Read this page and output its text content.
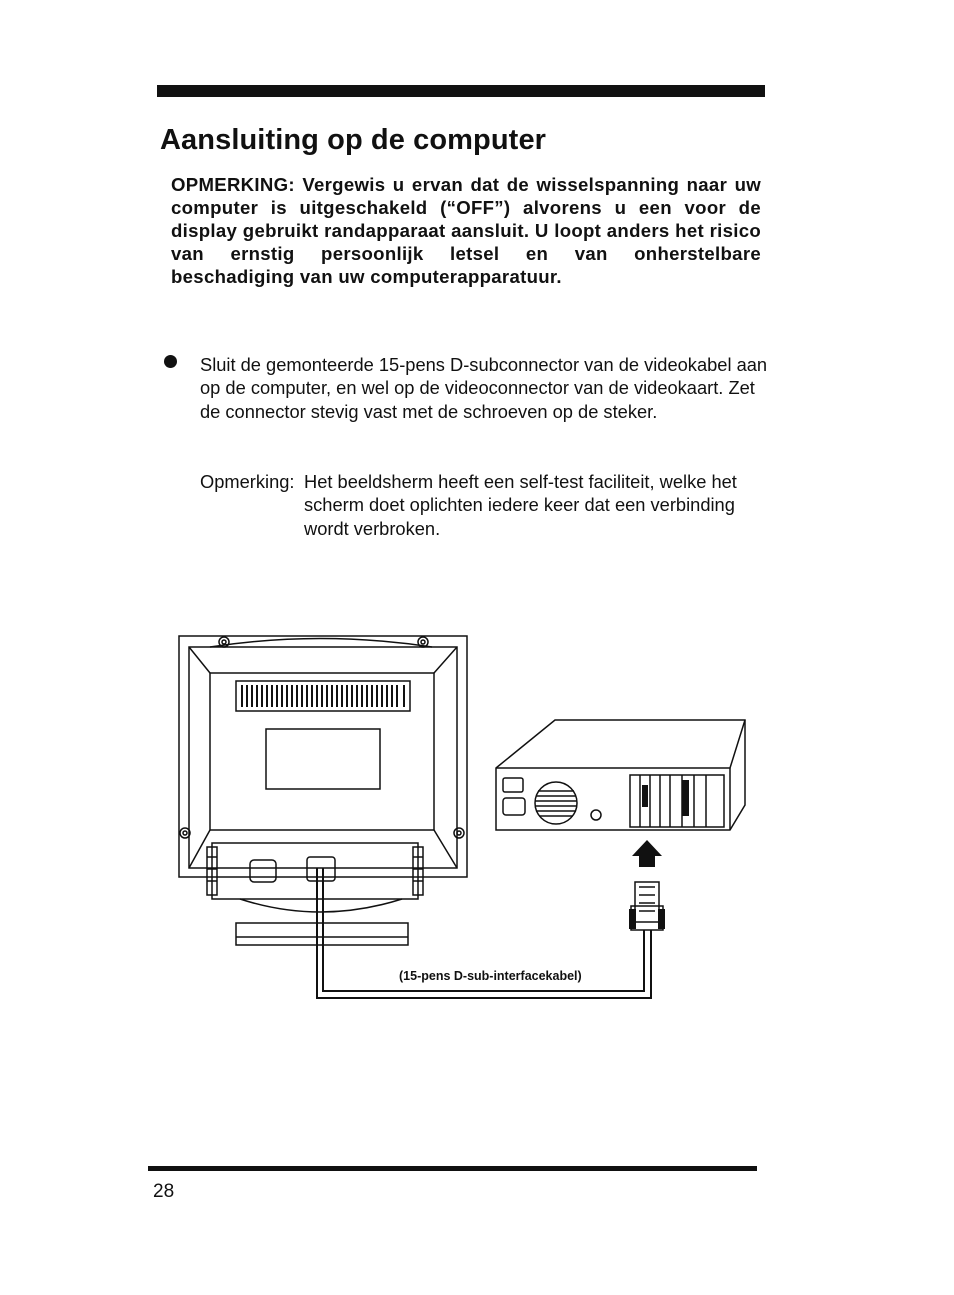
Aansluiting op de computer

OPMERKING: Vergewis u ervan dat de wisselspanning naar uw computer is uitgeschakeld (“OFF”) alvorens u een voor de display gebruikt randapparaat aansluit. U loopt anders het risico van ernstig persoonlijk letsel en van onherstelbare beschadiging van uw computerapparatuur.

Sluit de gemonteerde 15-pens D-subconnector van de videokabel aan op de computer, en wel op de videoconnector van de videokaart. Zet de connector stevig vast met de schroeven op de steker.

Opmerking: Het beeldsherm heeft een self-test faciliteit, welke het scherm doet oplichten iedere keer dat een verbinding wordt verbroken.

(15-pens D-sub-interfacekabel)

28
